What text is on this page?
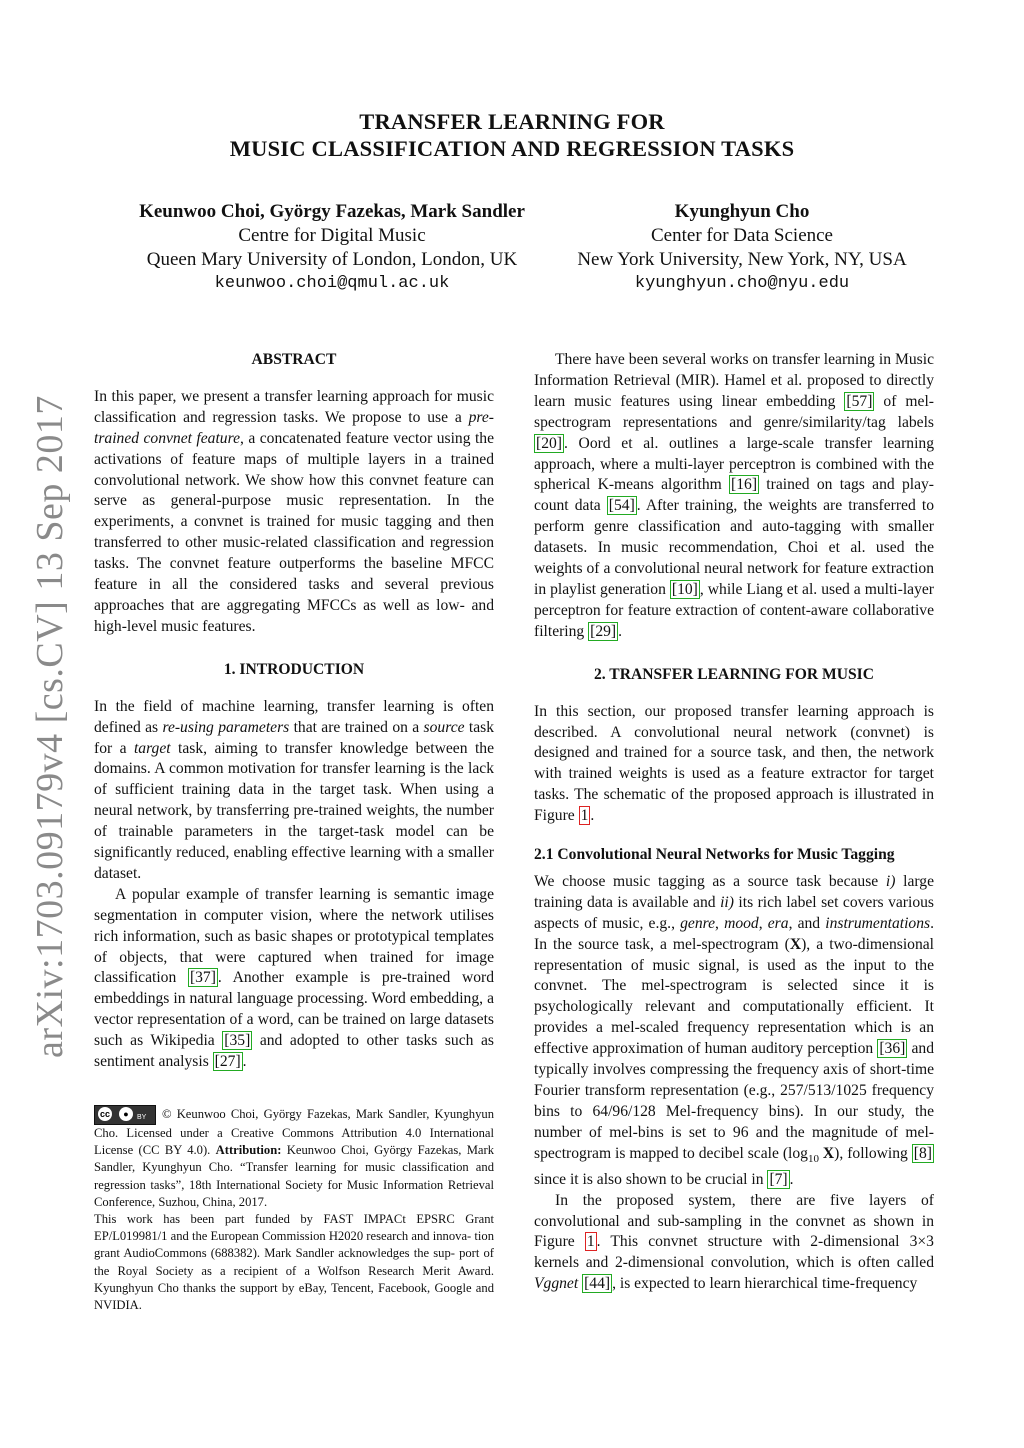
arXiv:1703.09179v4 [cs.CV] 13 Sep 2017
TRANSFER LEARNING FOR
MUSIC CLASSIFICATION AND REGRESSION TASKS
Keunwoo Choi, György Fazekas, Mark Sandler
Centre for Digital Music
Queen Mary University of London, London, UK
keunwoo.choi@qmul.ac.uk
Kyunghyun Cho
Center for Data Science
New York University, New York, NY, USA
kyunghyun.cho@nyu.edu
ABSTRACT

In this paper, we present a transfer learning approach for music classification and regression tasks. We propose to use a pre-trained convnet feature, a concatenated feature vector using the activations of feature maps of multiple layers in a trained convolutional network. We show how this convnet feature can serve as general-purpose music representation. In the experiments, a convnet is trained for music tagging and then transferred to other music-related classification and regression tasks. The convnet feature outperforms the baseline MFCC feature in all the considered tasks and several previous approaches that are aggregating MFCCs as well as low- and high-level music features.

1. INTRODUCTION

In the field of machine learning, transfer learning is often defined as re-using parameters that are trained on a source task for a target task, aiming to transfer knowledge between the domains. A common motivation for transfer learning is the lack of sufficient training data in the target task. When using a neural network, by transferring pre-trained weights, the number of trainable parameters in the target-task model can be significantly reduced, enabling effective learning with a smaller dataset.

A popular example of transfer learning is semantic image segmentation in computer vision, where the network utilises rich information, such as basic shapes or prototypical templates of objects, that were captured when trained for image classification [37] . Another example is pre-trained word embeddings in natural language processing. Word embedding, a vector representation of a word, can be trained on large datasets such as Wikipedia [35] and adopted to other tasks such as sentiment analysis [27] .

cc	●	BY © Keunwoo Choi, György Fazekas, Mark Sandler, Kyunghyun Cho. Licensed under a Creative Commons Attribution 4.0 International License (CC BY 4.0). Attribution: Keunwoo Choi, György Fazekas, Mark Sandler, Kyunghyun Cho. “Transfer learning for music classification and regression tasks”, 18th International Society for Music Information Retrieval Conference, Suzhou, China, 2017.

This work has been part funded by FAST IMPACt EPSRC Grant EP/L019981/1 and the European Commission H2020 research and innova- tion grant AudioCommons (688382). Mark Sandler acknowledges the sup- port of the Royal Society as a recipient of a Wolfson Research Merit Award. Kyunghyun Cho thanks the support by eBay, Tencent, Facebook, Google and NVIDIA.

There have been several works on transfer learning in Music Information Retrieval (MIR). Hamel et al. proposed to directly learn music features using linear embedding [57] of mel-spectrogram representations and genre/similarity/tag labels [20] . Oord et al. outlines a large-scale transfer learning approach, where a multi-layer perceptron is combined with the spherical K-means algorithm [16] trained on tags and play-count data [54] . After training, the weights are transferred to perform genre classification and auto-tagging with smaller datasets. In music recommendation, Choi et al. used the weights of a convolutional neural network for feature extraction in playlist generation [10] , while Liang et al. used a multi-layer perceptron for feature extraction of content-aware collaborative filtering [29] .

2. TRANSFER LEARNING FOR MUSIC

In this section, our proposed transfer learning approach is described. A convolutional neural network (convnet) is designed and trained for a source task, and then, the network with trained weights is used as a feature extractor for target tasks. The schematic of the proposed approach is illustrated in Figure 1 .

2.1 Convolutional Neural Networks for Music Tagging

We choose music tagging as a source task because i) large training data is available and ii) its rich label set covers various aspects of music, e.g., genre, mood, era, and instrumentations. In the source task, a mel-spectrogram (X), a two-dimensional representation of music signal, is used as the input to the convnet. The mel-spectrogram is selected since it is psychologically relevant and computationally efficient. It provides a mel-scaled frequency representation which is an effective approximation of human auditory perception [36] and typically involves compressing the frequency axis of short-time Fourier transform representation (e.g., 257/513/1025 frequency bins to 64/96/128 Mel-frequency bins). In our study, the number of mel-bins is set to 96 and the magnitude of mel-spectrogram is mapped to decibel scale ($\log_{10}$ X), following [8] since it is also shown to be crucial in [7] .

In the proposed system, there are five layers of convolutional and sub-sampling in the convnet as shown in Figure 1 . This convnet structure with 2-dimensional 3×3 kernels and 2-dimensional convolution, which is often called Vggnet [44] , is expected to learn hierarchical time-frequency
